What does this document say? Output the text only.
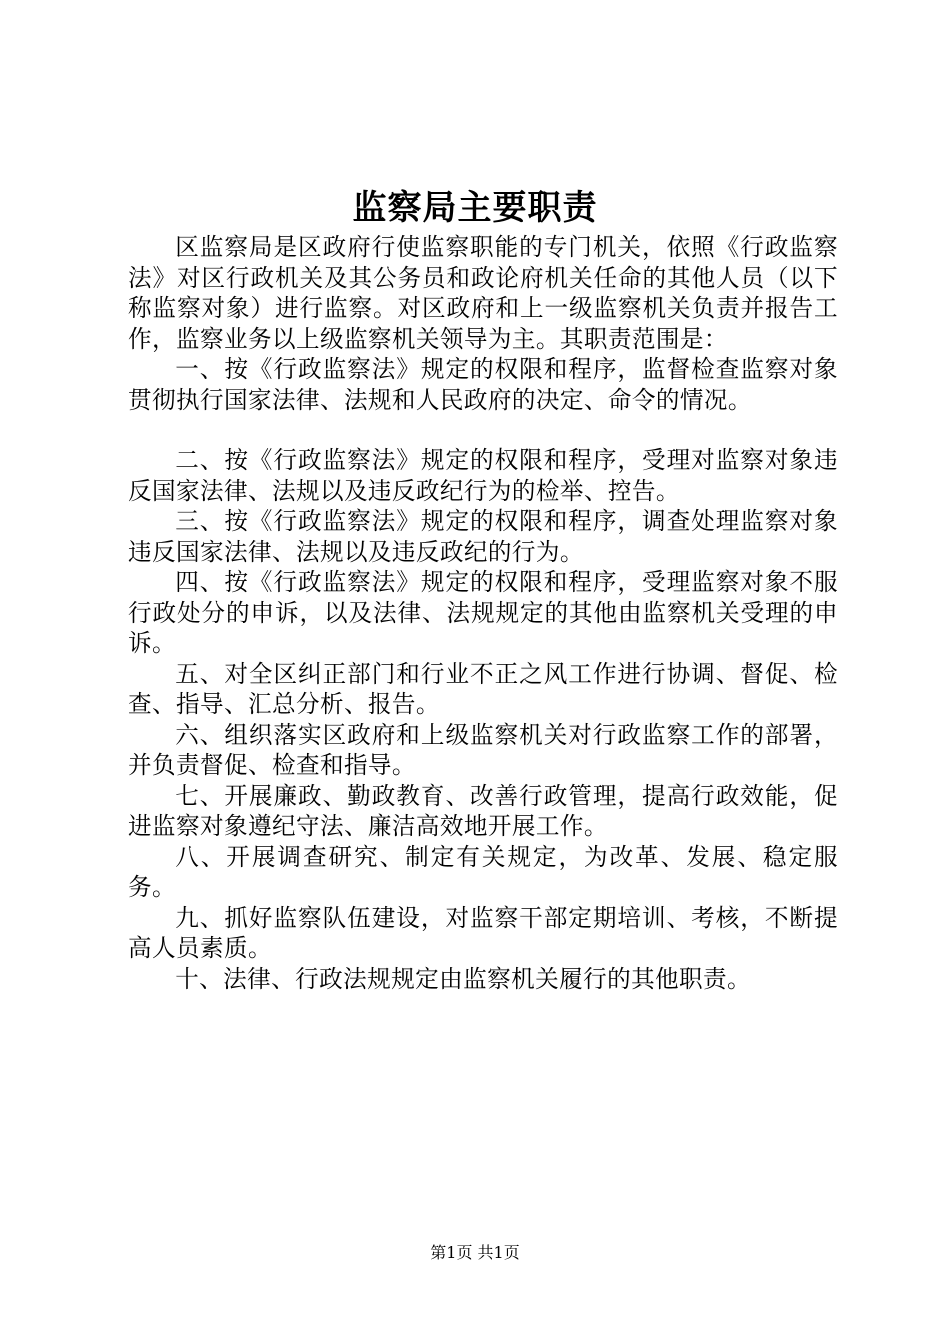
监察局主要职责

区监察局是区政府行使监察职能的专门机关，依照《行政监察法》对区行政机关及其公务员和政论府机关任命的其他人员（以下称监察对象）进行监察。对区政府和上一级监察机关负责并报告工作，监察业务以上级监察机关领导为主。其职责范围是：

一、按《行政监察法》规定的权限和程序，监督检查监察对象贯彻执行国家法律、法规和人民政府的决定、命令的情况。

二、按《行政监察法》规定的权限和程序，受理对监察对象违反国家法律、法规以及违反政纪行为的检举、控告。

三、按《行政监察法》规定的权限和程序，调查处理监察对象违反国家法律、法规以及违反政纪的行为。

四、按《行政监察法》规定的权限和程序，受理监察对象不服行政处分的申诉，以及法律、法规规定的其他由监察机关受理的申诉。

五、对全区纠正部门和行业不正之风工作进行协调、督促、检查、指导、汇总分析、报告。

六、组织落实区政府和上级监察机关对行政监察工作的部署，并负责督促、检查和指导。

七、开展廉政、勤政教育、改善行政管理，提高行政效能，促进监察对象遵纪守法、廉洁高效地开展工作。

八、开展调查研究、制定有关规定，为改革、发展、稳定服务。

九、抓好监察队伍建设，对监察干部定期培训、考核，不断提高人员素质。

十、法律、行政法规规定由监察机关履行的其他职责。

第1页 共1页
